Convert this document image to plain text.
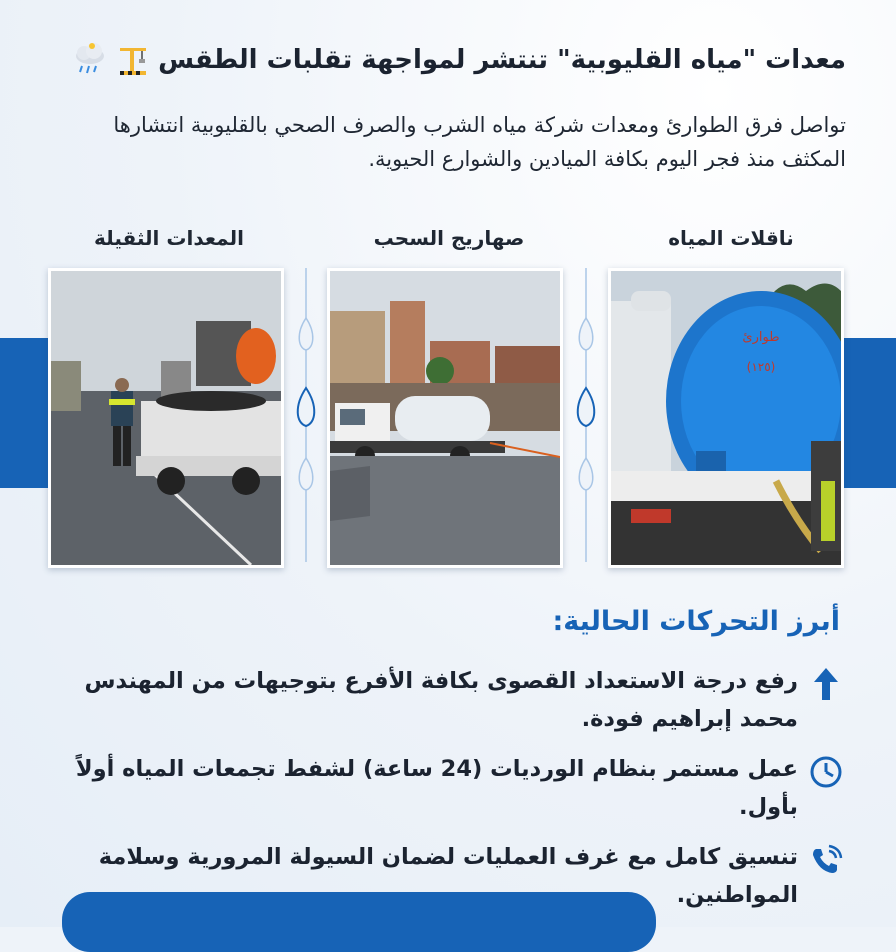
معدات "مياه القليوبية" تنتشر لمواجهة تقلبات الطقس
تواصل فرق الطوارئ ومعدات شركة مياه الشرب والصرف الصحي بالقليوبية انتشارها المكثف منذ فجر اليوم بكافة الميادين والشوارع الحيوية.
ناقلات المياه
صهاريج السحب
المعدات الثقيلة
طوارئ
(١٢٥)
أبرز التحركات الحالية:
رفع درجة الاستعداد القصوى بكافة الأفرع بتوجيهات من المهندس محمد إبراهيم فودة.
عمل مستمر بنظام الورديات (24 ساعة) لشفط تجمعات المياه أولاً بأول.
تنسيق كامل مع غرف العمليات لضمان السيولة المرورية وسلامة المواطنين.
